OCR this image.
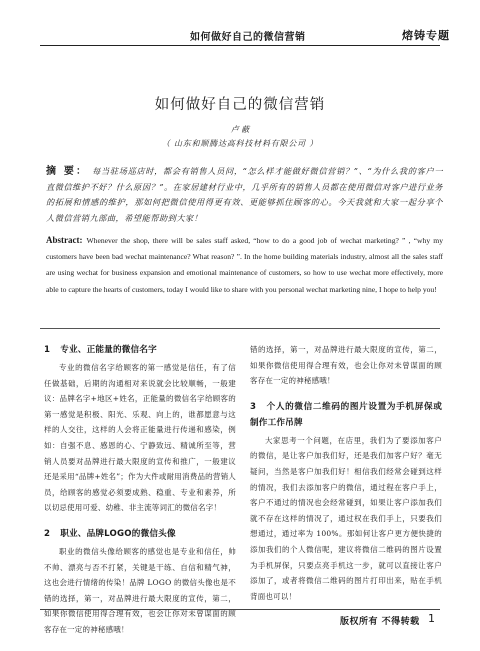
如何做好自己的微信营销	熔铸专题
如何做好自己的微信营销
卢 蔽
（ 山东和顺腾达高科技材料有限公司 ）
摘 要： 每当驻场巡店时，都会有销售人员问，“怎么样才能做好微信营销？”、“为什么我的客户一直微信维护不好？什么原因？”。在家居建材行业中，几乎所有的销售人员都在使用微信对客户进行业务的拓展和情感的维护，那如何把微信使用得更有效、更能够抓住顾客的心。今天我就和大家一起分享个人微信营销九部曲，希望能帮助到大家！
Abstract: Whenever the shop, there will be sales staff asked, “how to do a good job of wechat marketing? ” , “why my customers have been bad wechat maintenance? What reason? ”. In the home building materials industry, almost all the sales staff are using wechat for business expansion and emotional maintenance of customers, so how to use wechat more effectively, more able to capture the hearts of customers, today I would like to share with you personal wechat marketing nine, I hope to help you!
1 专业、正能量的微信名字

专业的微信名字给顾客的第一感觉是信任，有了信任做基础，后期的沟通相对来说就会比较顺畅，一般建议：品牌名字+地区+姓名，正能量的微信名字给顾客的第一感觉是积极、阳光、乐观、向上的，谁都愿意与这样的人交往，这样的人会将正能量进行传递和感染，例如：自强不息、感恩的心、宁静致远、精诚所至等，营销人员要对品牌进行最大限度的宣传和推广，一般建议还是采用“品牌+姓名”；作为大件或耐用消费品的营销人员，给顾客的感觉必须要成熟、稳重、专业和素养，所以切忌使用可爱、幼稚、非主流等词汇的微信名字！

2 职业、品牌LOGO的微信头像

职业的微信头像给顾客的感觉也是专业和信任，帅不帅、漂亮与否不打紧，关键是干练、自信和精气神，这也会进行情绪的传染！品牌 LOGO 的微信头像也是不错的选择，第一，对品牌进行最大限度的宣传，第二，如果你微信使用得合理有效，也会让你对未曾谋面的顾客存在一定的神秘感哦！

错的选择，第一，对品牌进行最大限度的宣传，第二，如果你微信使用得合理有效，也会让你对未曾谋面的顾客存在一定的神秘感哦！

3 个人的微信二维码的图片设置为手机屏保或制作工作吊牌

大家思考一个问题，在店里，我们为了要添加客户的微信，是让客户加我们好，还是我们加客户好？毫无疑问，当然是客户加我们好！相信我们经常会碰到这样的情况，我们去添加客户的微信，通过程在客户手上，客户不通过的情况也会经常碰到，如果让客户添加我们就不存在这样的情况了，通过权在我们手上，只要我们想通过，通过率为 100%。那如何让客户更方便快捷的添加我们的个人微信呢，建议将微信二维码的图片设置为手机屏保，只要点亮手机这一步，就可以直接让客户添加了，或者将微信二维码的图片打印出来，贴在手机背面也可以！

版权所有 不得转载 1
